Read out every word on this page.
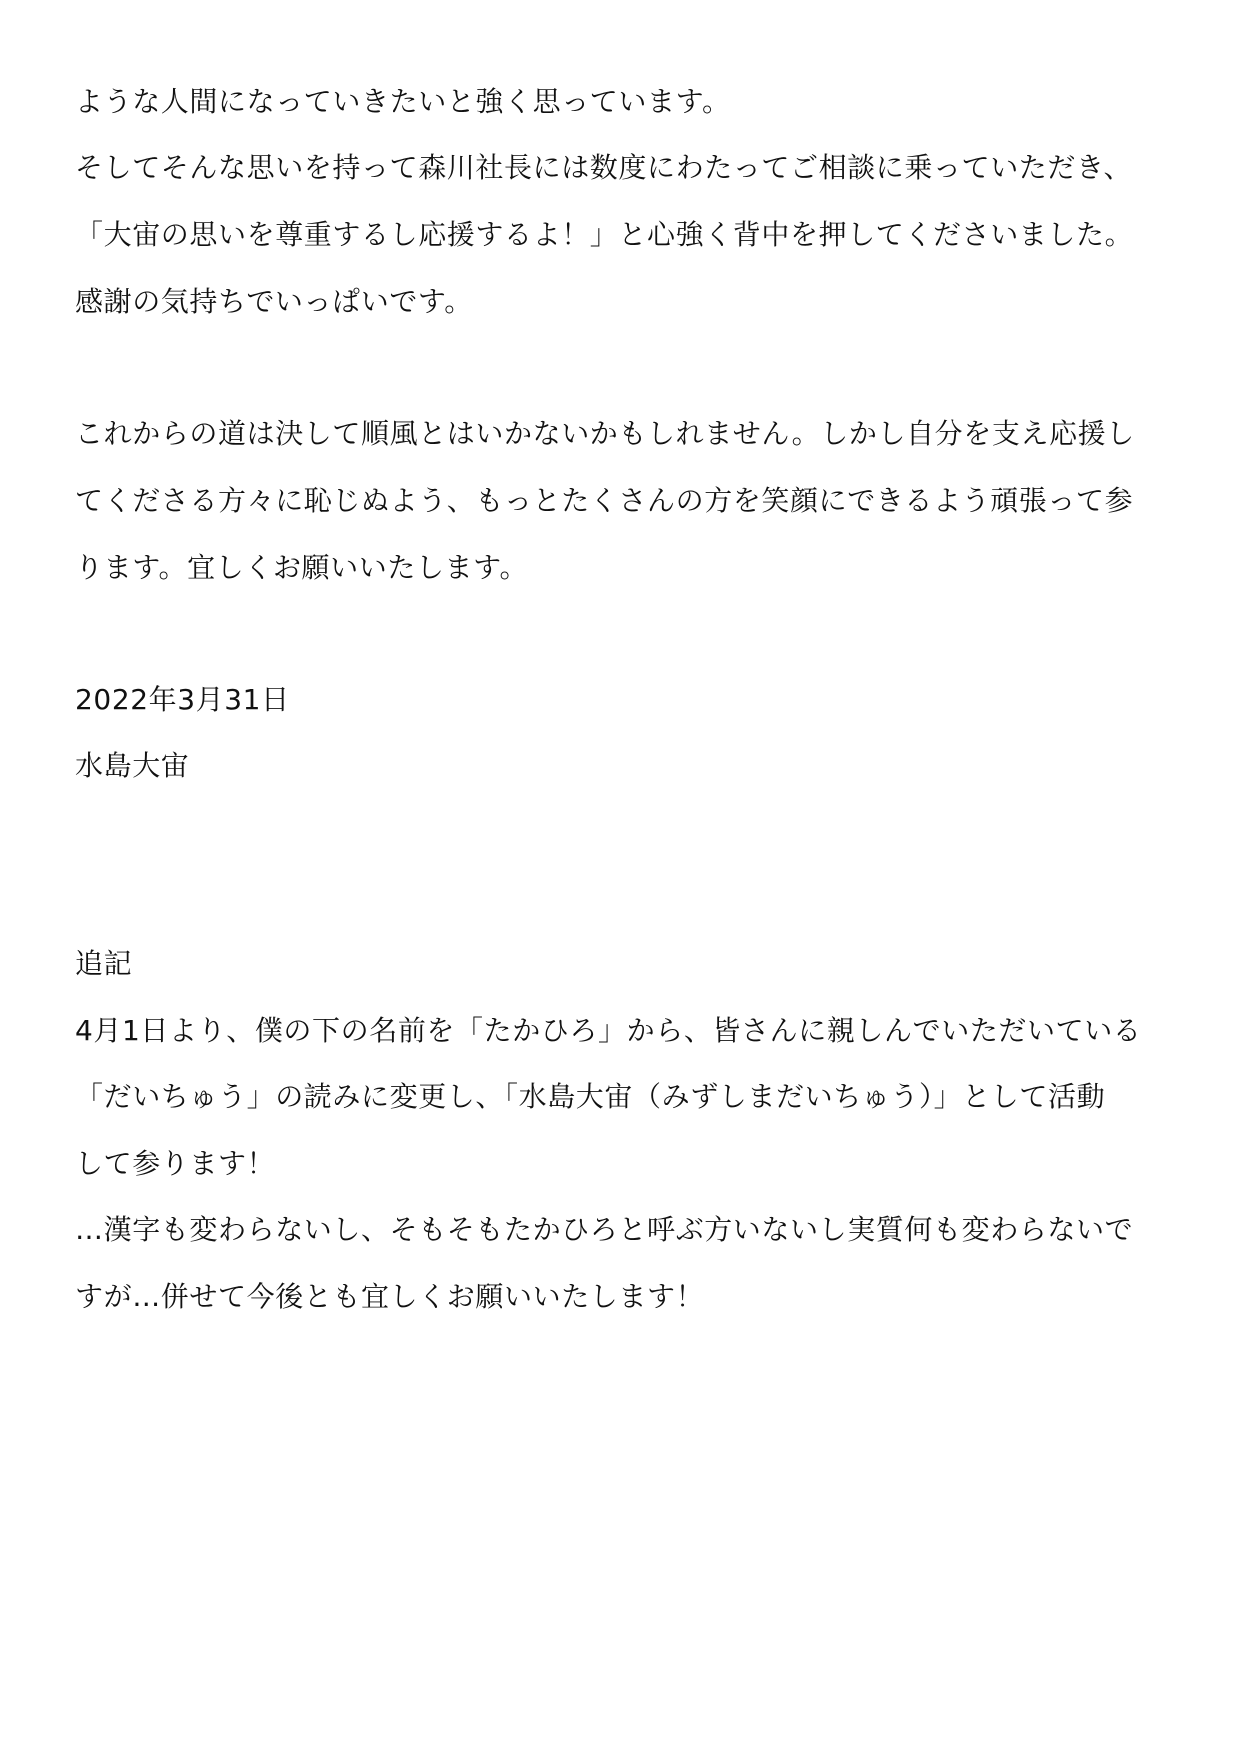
ような人間になっていきたいと強く思っています。
そしてそんな思いを持って森川社長には数度にわたってご相談に乗っていただき、
「大宙の思いを尊重するし応援するよ！」と心強く背中を押してくださいました。
感謝の気持ちでいっぱいです。
これからの道は決して順風とはいかないかもしれません。しかし自分を支え応援し
てくださる方々に恥じぬよう、もっとたくさんの方を笑顔にできるよう頑張って参
ります。宜しくお願いいたします。
2022年3月31日
水島大宙
追記
4月1日より、僕の下の名前を「たかひろ」から、皆さんに親しんでいただいている
「だいちゅう」の読みに変更し、「水島大宙（みずしまだいちゅう）」として活動
して参ります！
…漢字も変わらないし、そもそもたかひろと呼ぶ方いないし実質何も変わらないで
すが…併せて今後とも宜しくお願いいたします！
